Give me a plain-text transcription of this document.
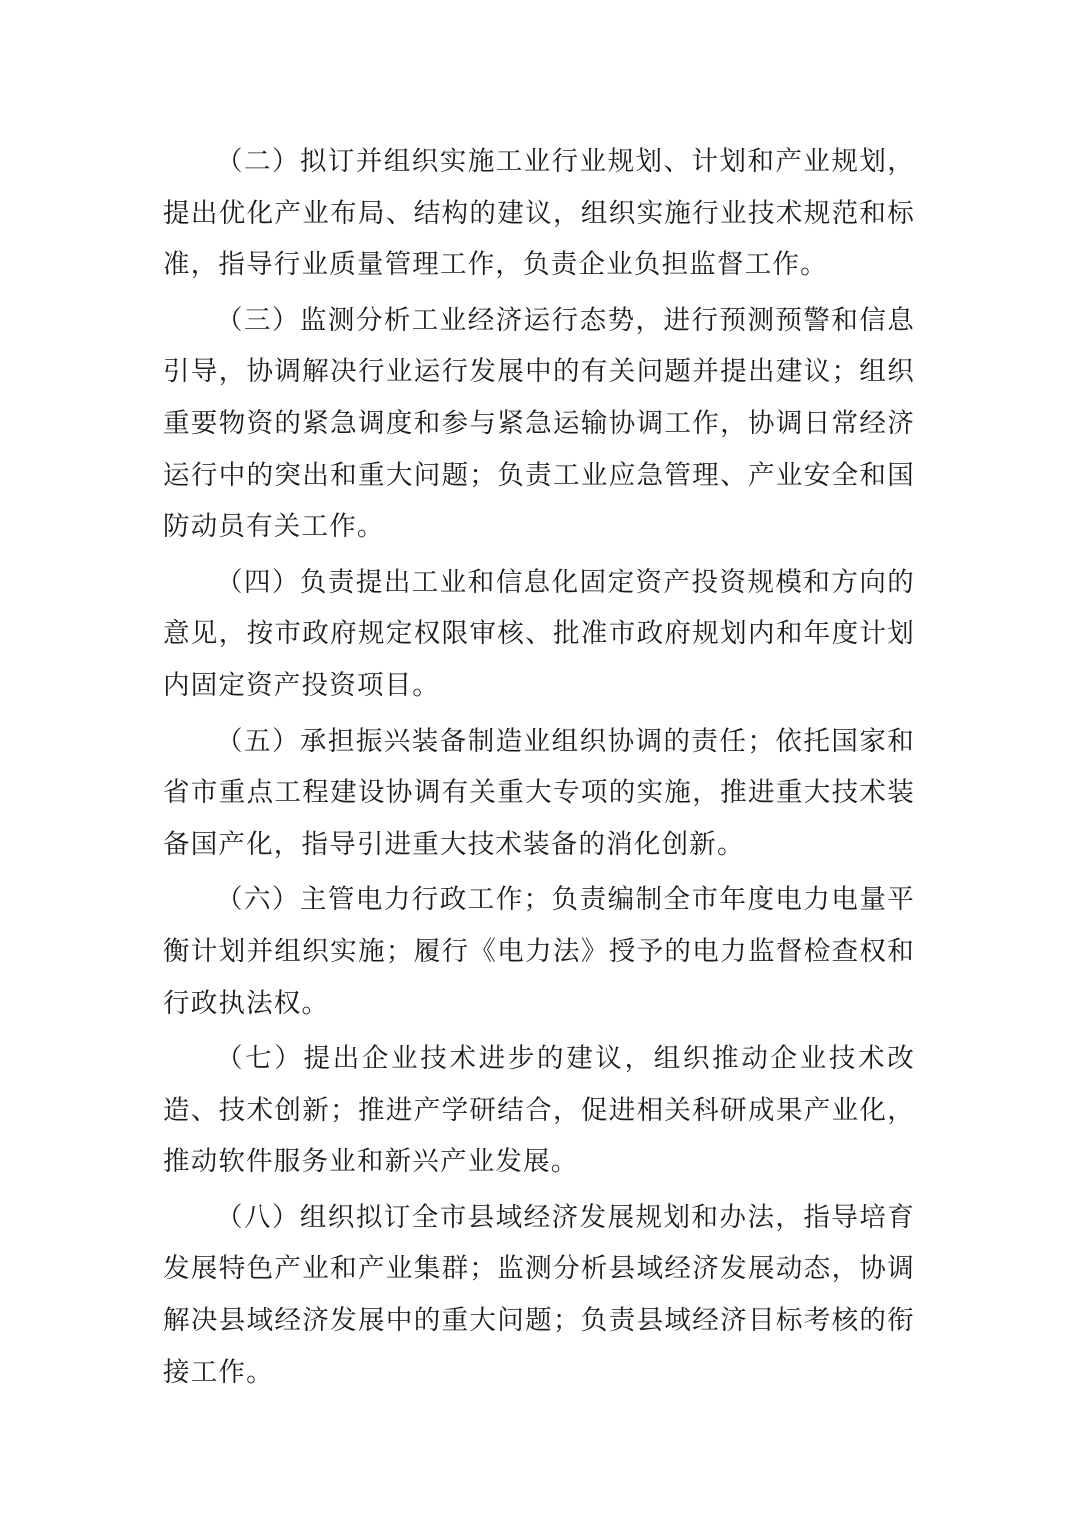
（二）拟订并组织实施工业行业规划、计划和产业规划，提出优化产业布局、结构的建议，组织实施行业技术规范和标准，指导行业质量管理工作，负责企业负担监督工作。

（三）监测分析工业经济运行态势，进行预测预警和信息引导，协调解决行业运行发展中的有关问题并提出建议；组织重要物资的紧急调度和参与紧急运输协调工作，协调日常经济运行中的突出和重大问题；负责工业应急管理、产业安全和国防动员有关工作。

（四）负责提出工业和信息化固定资产投资规模和方向的意见，按市政府规定权限审核、批准市政府规划内和年度计划内固定资产投资项目。

（五）承担振兴装备制造业组织协调的责任；依托国家和省市重点工程建设协调有关重大专项的实施，推进重大技术装备国产化，指导引进重大技术装备的消化创新。

（六）主管电力行政工作；负责编制全市年度电力电量平衡计划并组织实施；履行《电力法》授予的电力监督检查权和行政执法权。

（七）提出企业技术进步的建议，组织推动企业技术改造、技术创新；推进产学研结合，促进相关科研成果产业化，推动软件服务业和新兴产业发展。

（八）组织拟订全市县域经济发展规划和办法，指导培育发展特色产业和产业集群；监测分析县域经济发展动态，协调解决县域经济发展中的重大问题；负责县域经济目标考核的衔接工作。
